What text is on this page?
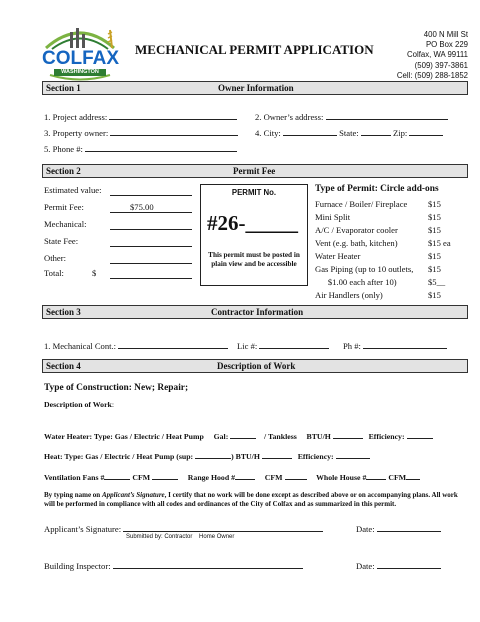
COLFAX
WASHINGTON
MECHANICAL PERMIT APPLICATION
400 N Mill St
PO Box 229
Colfax, WA 99111
(509) 397-3861
Cell: (509) 288-1852
Section 1	Owner Information
1. Project address:	2. Owner’s address:
3. Property owner:	4. City:	State:	Zip:
5. Phone #:
Section 2	Permit Fee
Estimated value:
Permit Fee:	$75.00
Mechanical:
State Fee:
Other:
Total:	$
PERMIT No.
#26-_____
This permit must be posted in plain view and be accessible
Type of Permit: Circle add-ons
Furnace / Boiler/ Fireplace $15
Mini Split	$15
A/C / Evaporator cooler	$15
Vent (e.g. bath, kitchen)	$15 ea
Water Heater	$15
Gas Piping (up to 10 outlets, $15
$1.00 each after 10)	$5__
Air Handlers (only)	$15
Section 3	Contractor Information
1. Mechanical Cont.:	Lic #:	Ph #:
Section 4	Description of Work
Type of Construction: New; Repair;
Description of Work:
Water Heater: Type: Gas / Electric / Heat Pump Gal:	/ Tankless BTU/H	Efficiency:
Heat: Type: Gas / Electric / Heat Pump (sup:	) BTU/H	Efficiency:
Ventilation Fans #	CFM	Range Hood #	CFM	Whole House #	CFM
By typing name on Applicant’s Signature, I certify that no work will be done except as described above or on accompanying plans. All work will be performed in compliance with all codes and ordinances of the City of Colfax and as summarized in this permit.
Applicant’s Signature:	Date:
Submitted by: Contractor    Home Owner
Building Inspector:	Date:
